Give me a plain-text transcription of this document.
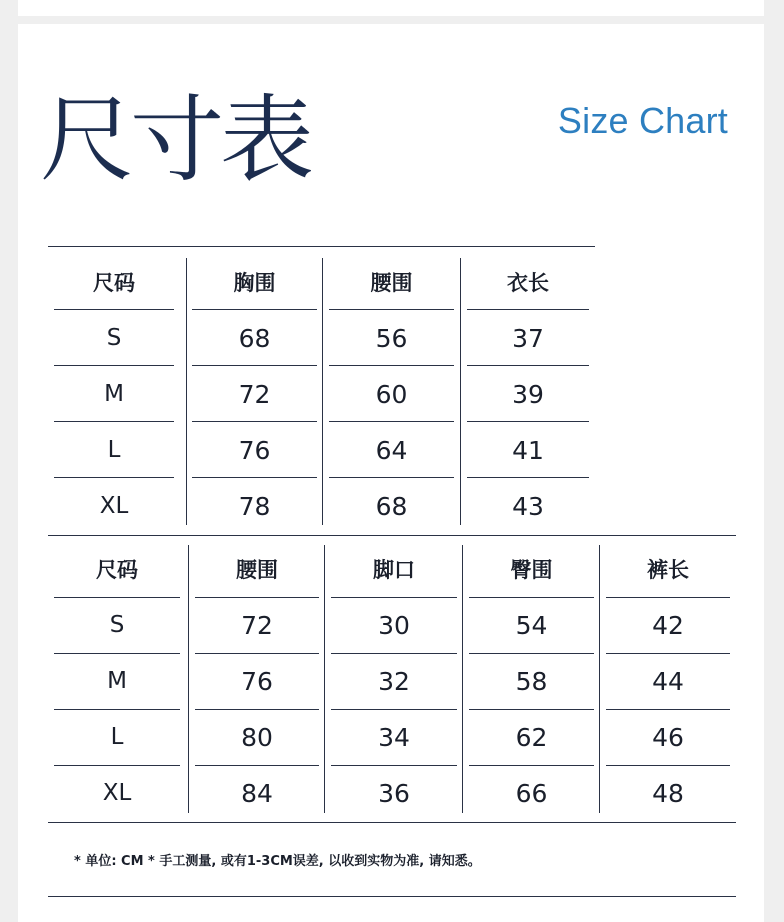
尺寸表	Size Chart
尺码	胸围	腰围	衣长
S	68	56	37
M	72	60	39
L	76	64	41
XL	78	68	43
尺码	腰围	脚口	臀围	裤长
S	72	30	54	42
M	76	32	58	44
L	80	34	62	46
XL	84	36	66	48
* 单位: CM * 手工测量, 或有1-3CM误差, 以收到实物为准, 请知悉。
